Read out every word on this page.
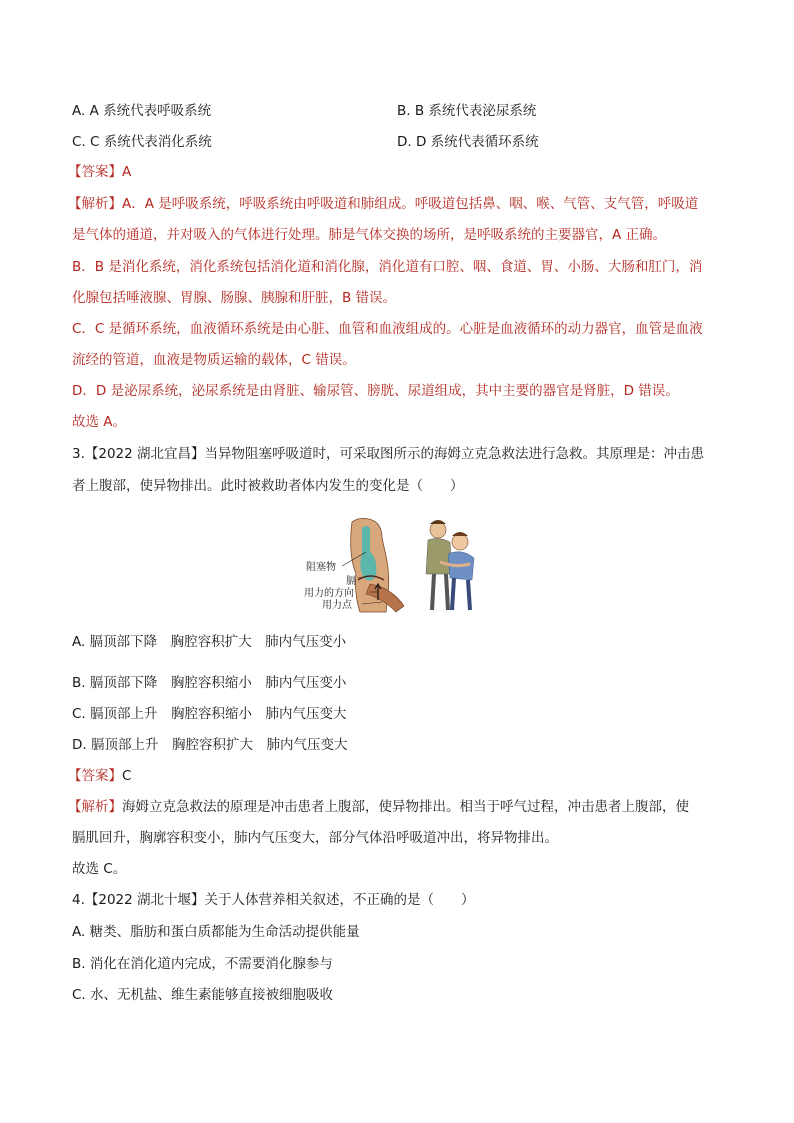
A. A 系统代表呼吸系统	B. B 系统代表泌尿系统
C. C 系统代表消化系统	D. D 系统代表循环系统
【答案】A
【解析】A．A 是呼吸系统，呼吸系统由呼吸道和肺组成。呼吸道包括鼻、咽、喉、气管、支气管，呼吸道
是气体的通道，并对吸入的气体进行处理。肺是气体交换的场所，是呼吸系统的主要器官，A 正确。
B．B 是消化系统，消化系统包括消化道和消化腺，消化道有口腔、咽、食道、胃、小肠、大肠和肛门，消
化腺包括唾液腺、胃腺、肠腺、胰腺和肝脏，B 错误。
C．C 是循环系统，血液循环系统是由心脏、血管和血液组成的。心脏是血液循环的动力器官，血管是血液
流经的管道，血液是物质运输的载体，C 错误。
D．D 是泌尿系统，泌尿系统是由肾脏、输尿管、膀胱、尿道组成，其中主要的器官是肾脏，D 错误。
故选 A。
3.【2022 湖北宜昌】当异物阻塞呼吸道时，可采取图所示的海姆立克急救法进行急救。其原理是：冲击患
者上腹部，使异物排出。此时被救助者体内发生的变化是（　　）
阻塞物
膈
用力的方向
用力点
A. 膈顶部下降　胸腔容积扩大　肺内气压变小
B. 膈顶部下降　胸腔容积缩小　肺内气压变小
C. 膈顶部上升　胸腔容积缩小　肺内气压变大
D. 膈顶部上升　胸腔容积扩大　肺内气压变大
【答案】C
【解析】海姆立克急救法的原理是冲击患者上腹部，使异物排出。相当于呼气过程，冲击患者上腹部，使
膈肌回升，胸廓容积变小，肺内气压变大，部分气体沿呼吸道冲出，将异物排出。
故选 C。
4.【2022 湖北十堰】关于人体营养相关叙述，不正确的是（　　）
A. 糖类、脂肪和蛋白质都能为生命活动提供能量
B. 消化在消化道内完成，不需要消化腺参与
C. 水、无机盐、维生素能够直接被细胞吸收
